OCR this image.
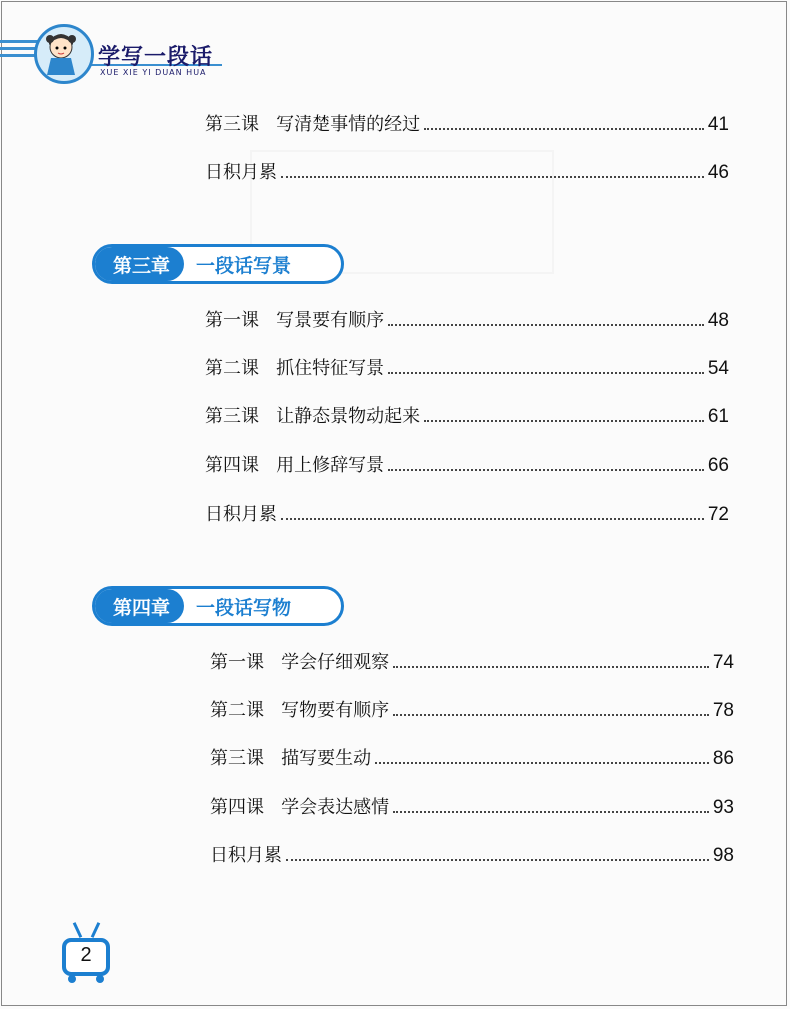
学写一段话
XUE XIE YI DUAN HUA
第三课   写清楚事情的经过	41
日积月累	46
第三章	一段话写景
第一课   写景要有顺序	48
第二课   抓住特征写景	54
第三课   让静态景物动起来	61
第四课   用上修辞写景	66
日积月累	72
第四章	一段话写物
第一课   学会仔细观察	74
第二课   写物要有顺序	78
第三课   描写要生动	86
第四课   学会表达感情	93
日积月累	98
2
